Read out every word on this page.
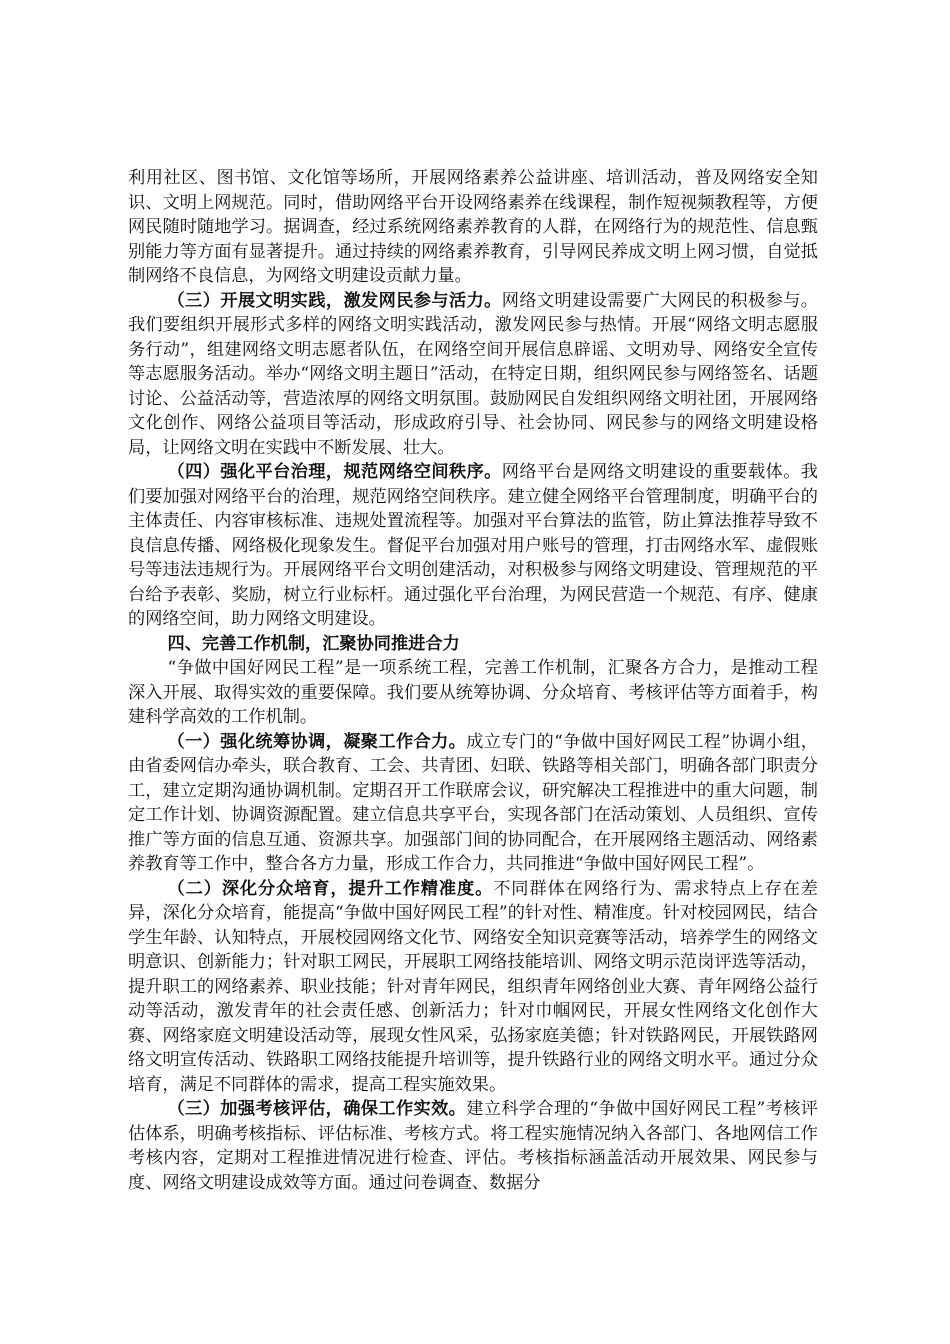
利用社区、图书馆、文化馆等场所，开展网络素养公益讲座、培训活动，普及网络安全知识、文明上网规范。同时，借助网络平台开设网络素养在线课程，制作短视频教程等，方便网民随时随地学习。据调查，经过系统网络素养教育的人群，在网络行为的规范性、信息甄别能力等方面有显著提升。通过持续的网络素养教育，引导网民养成文明上网习惯，自觉抵制网络不良信息，为网络文明建设贡献力量。

（三）开展文明实践，激发网民参与活力。网络文明建设需要广大网民的积极参与。我们要组织开展形式多样的网络文明实践活动，激发网民参与热情。开展“网络文明志愿服务行动”，组建网络文明志愿者队伍，在网络空间开展信息辟谣、文明劝导、网络安全宣传等志愿服务活动。举办“网络文明主题日”活动，在特定日期，组织网民参与网络签名、话题讨论、公益活动等，营造浓厚的网络文明氛围。鼓励网民自发组织网络文明社团，开展网络文化创作、网络公益项目等活动，形成政府引导、社会协同、网民参与的网络文明建设格局，让网络文明在实践中不断发展、壮大。

（四）强化平台治理，规范网络空间秩序。网络平台是网络文明建设的重要载体。我们要加强对网络平台的治理，规范网络空间秩序。建立健全网络平台管理制度，明确平台的主体责任、内容审核标准、违规处置流程等。加强对平台算法的监管，防止算法推荐导致不良信息传播、网络极化现象发生。督促平台加强对用户账号的管理，打击网络水军、虚假账号等违法违规行为。开展网络平台文明创建活动，对积极参与网络文明建设、管理规范的平台给予表彰、奖励，树立行业标杆。通过强化平台治理，为网民营造一个规范、有序、健康的网络空间，助力网络文明建设。

四、完善工作机制，汇聚协同推进合力

“争做中国好网民工程”是一项系统工程，完善工作机制，汇聚各方合力，是推动工程深入开展、取得实效的重要保障。我们要从统筹协调、分众培育、考核评估等方面着手，构建科学高效的工作机制。

（一）强化统筹协调，凝聚工作合力。成立专门的“争做中国好网民工程”协调小组，由省委网信办牵头，联合教育、工会、共青团、妇联、铁路等相关部门，明确各部门职责分工，建立定期沟通协调机制。定期召开工作联席会议，研究解决工程推进中的重大问题，制定工作计划、协调资源配置。建立信息共享平台，实现各部门在活动策划、人员组织、宣传推广等方面的信息互通、资源共享。加强部门间的协同配合，在开展网络主题活动、网络素养教育等工作中，整合各方力量，形成工作合力，共同推进“争做中国好网民工程”。

（二）深化分众培育，提升工作精准度。不同群体在网络行为、需求特点上存在差异，深化分众培育，能提高“争做中国好网民工程”的针对性、精准度。针对校园网民，结合学生年龄、认知特点，开展校园网络文化节、网络安全知识竞赛等活动，培养学生的网络文明意识、创新能力；针对职工网民，开展职工网络技能培训、网络文明示范岗评选等活动，提升职工的网络素养、职业技能；针对青年网民，组织青年网络创业大赛、青年网络公益行动等活动，激发青年的社会责任感、创新活力；针对巾帼网民，开展女性网络文化创作大赛、网络家庭文明建设活动等，展现女性风采，弘扬家庭美德；针对铁路网民，开展铁路网络文明宣传活动、铁路职工网络技能提升培训等，提升铁路行业的网络文明水平。通过分众培育，满足不同群体的需求，提高工程实施效果。

（三）加强考核评估，确保工作实效。建立科学合理的“争做中国好网民工程”考核评估体系，明确考核指标、评估标准、考核方式。将工程实施情况纳入各部门、各地网信工作考核内容，定期对工程推进情况进行检查、评估。考核指标涵盖活动开展效果、网民参与度、网络文明建设成效等方面。通过问卷调查、数据分
